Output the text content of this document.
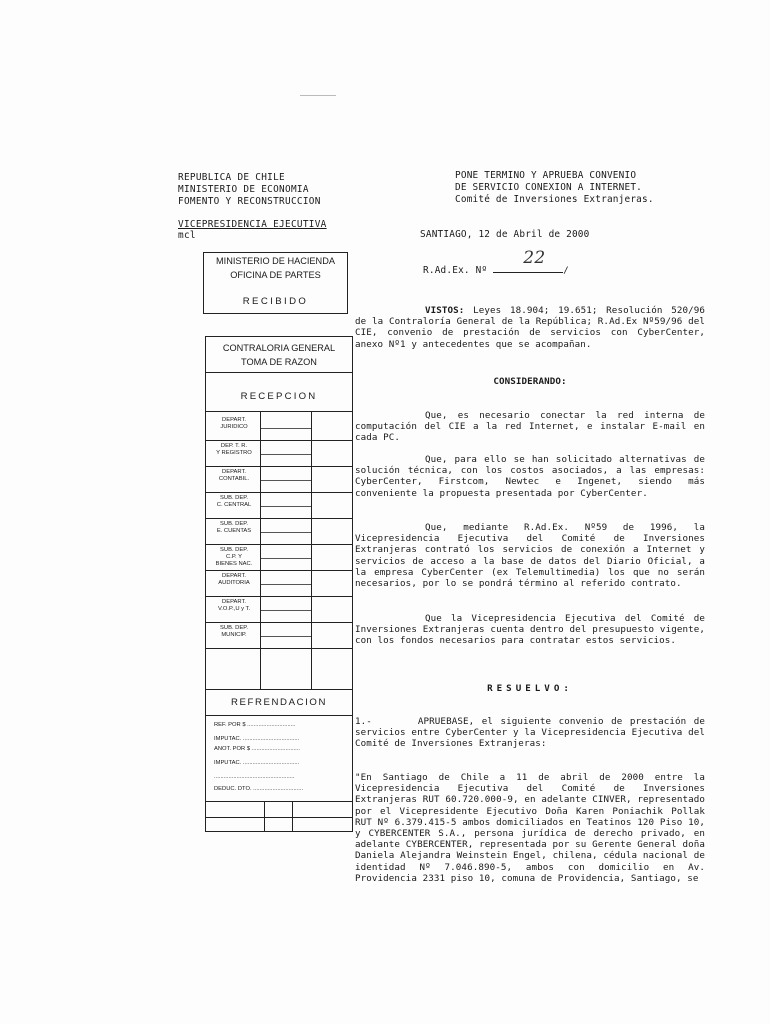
REPUBLICA DE CHILE
MINISTERIO DE ECONOMIA
FOMENTO Y RECONSTRUCCION
VICEPRESIDENCIA EJECUTIVA
mcl
PONE TERMINO Y APRUEBA CONVENIO
DE SERVICIO CONEXION A INTERNET.
Comité de Inversiones Extranjeras.
SANTIAGO, 12 de Abril de 2000
R.Ad.Ex. Nº
22
/
MINISTERIO DE HACIENDA
OFICINA DE PARTES
RECIBIDO
CONTRALORIA GENERAL
TOMA DE RAZON
RECEPCION
DEPART.
JURIDICO
DEP. T. R.
Y REGISTRO
DEPART.
CONTABIL.
SUB. DEP.
C. CENTRAL
SUB. DEP.
E. CUENTAS
SUB. DEP.
C.P. Y
BIENES NAC.
DEPART.
AUDITORIA
DEPART.
V.O.P.,U y T.
SUB. DEP.
MUNICIP.
REFRENDACION
REF. POR $ ..............................
IMPUTAC. ...................................
ANOT. POR $ ..............................
IMPUTAC. ...................................
..................................................
DEDUC. DTO. ...............................

VISTOS: Leyes 18.904; 19.651; Resolución 520/96 de la Contraloría General de la República; R.Ad.Ex Nº59/96 del CIE, convenio de prestación de servicios con CyberCenter, anexo Nº1 y antecedentes que se acompañan.

CONSIDERANDO:

Que, es necesario conectar la red interna de computación del CIE a la red Internet, e instalar E-mail en cada PC.

Que, para ello se han solicitado alternativas de solución técnica, con los costos asociados, a las empresas: CyberCenter, Firstcom, Newtec e Ingenet, siendo más conveniente la propuesta presentada por CyberCenter.

Que, mediante R.Ad.Ex. Nº59 de 1996, la Vicepresidencia Ejecutiva del Comité de Inversiones Extranjeras contrató los servicios de conexión a Internet y servicios de acceso a la base de datos del Diario Oficial, a la empresa CyberCenter (ex Telemultimedia) los que no serán necesarios, por lo se pondrá término al referido contrato.

Que la Vicepresidencia Ejecutiva del Comité de Inversiones Extranjeras cuenta dentro del presupuesto vigente, con los fondos necesarios para contratar estos servicios.

RESUELVO:

1.-	APRUEBASE, el siguiente convenio de prestación de servicios entre CyberCenter y la Vicepresidencia Ejecutiva del Comité de Inversiones Extranjeras:

"En Santiago de Chile a 11 de abril de 2000 entre la Vicepresidencia Ejecutiva del Comité de Inversiones Extranjeras RUT 60.720.000-9, en adelante CINVER, representado por el Vicepresidente Ejecutivo Doña Karen Poniachik Pollak RUT Nº 6.379.415-5 ambos domiciliados en Teatinos 120 Piso 10, y CYBERCENTER S.A., persona jurídica de derecho privado, en adelante CYBERCENTER, representada por su Gerente General doña Daniela Alejandra Weinstein Engel, chilena, cédula nacional de identidad Nº 7.046.890-5, ambos con domicilio en Av. Providencia 2331 piso 10, comuna de Providencia, Santiago, se
